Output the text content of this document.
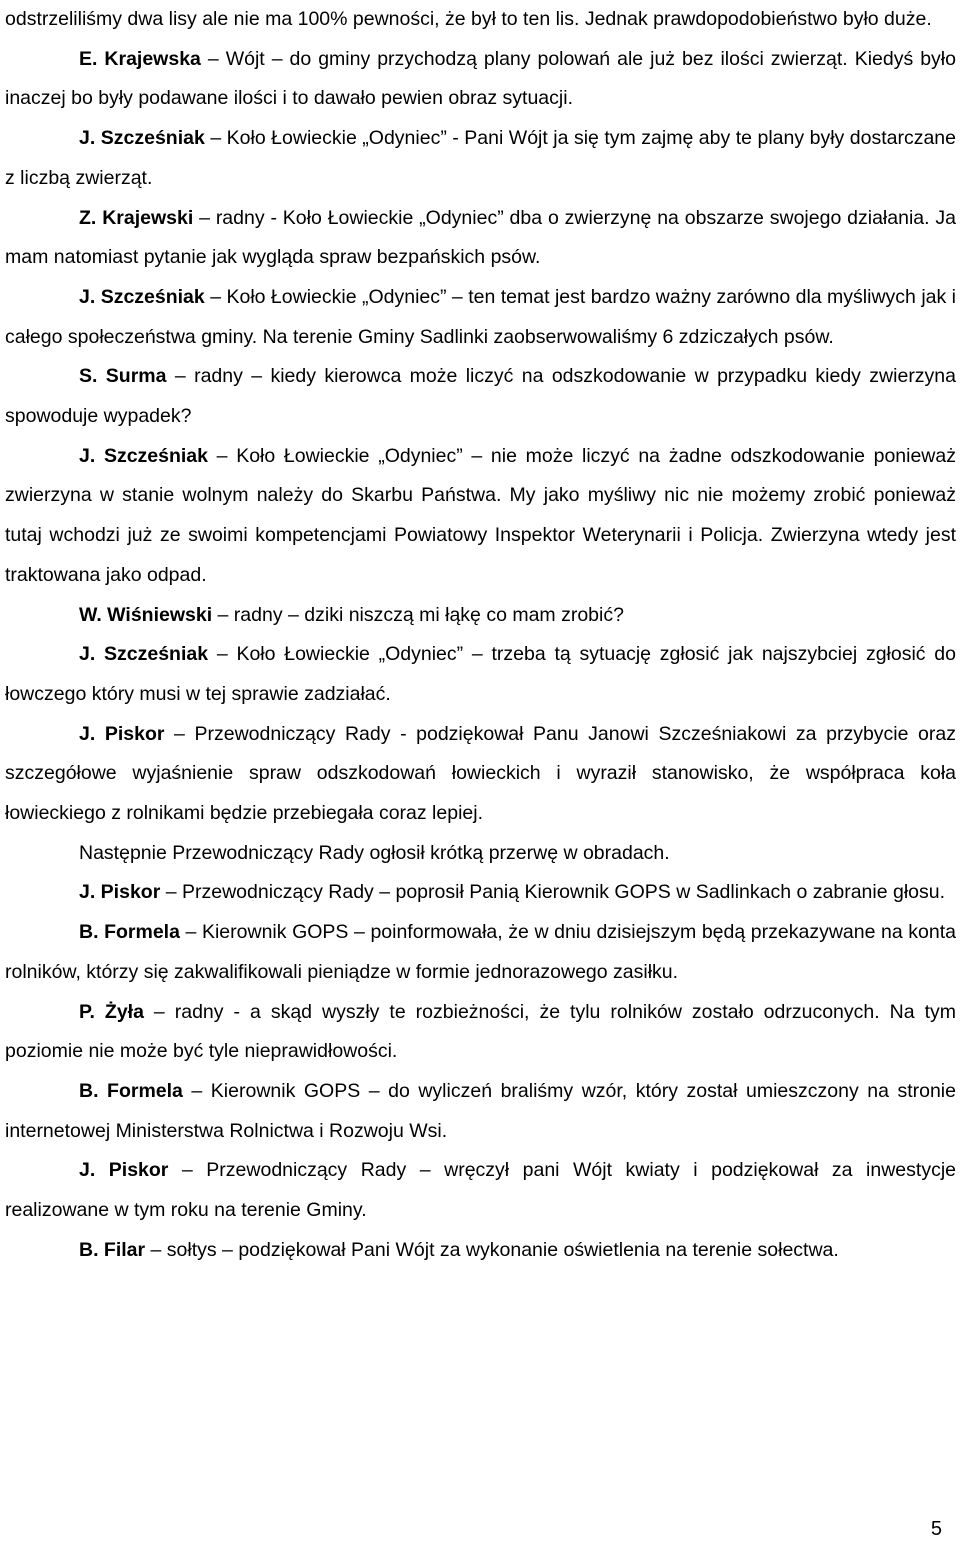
odstrzeliliśmy dwa lisy ale nie ma 100% pewności, że był to ten lis. Jednak prawdopodobieństwo było duże.

E. Krajewska – Wójt – do gminy przychodzą plany polowań ale już bez ilości zwierząt. Kiedyś było inaczej bo były podawane ilości i to dawało pewien obraz sytuacji.

J. Szcześniak – Koło Łowieckie „Odyniec” - Pani Wójt ja się tym zajmę aby te plany były dostarczane z liczbą zwierząt.

Z. Krajewski – radny - Koło Łowieckie „Odyniec” dba o zwierzynę na obszarze swojego działania. Ja mam natomiast pytanie jak wygląda spraw bezpańskich psów.

J. Szcześniak – Koło Łowieckie „Odyniec” – ten temat jest bardzo ważny zarówno dla myśliwych jak i całego społeczeństwa gminy. Na terenie Gminy Sadlinki zaobserwowaliśmy 6 zdziczałych psów.

S. Surma – radny – kiedy kierowca może liczyć na odszkodowanie w przypadku kiedy zwierzyna spowoduje wypadek?

J. Szcześniak – Koło Łowieckie „Odyniec” – nie może liczyć na żadne odszkodowanie ponieważ zwierzyna w stanie wolnym należy do Skarbu Państwa. My jako myśliwy nic nie możemy zrobić ponieważ tutaj wchodzi już ze swoimi kompetencjami Powiatowy Inspektor Weterynarii i Policja. Zwierzyna wtedy jest traktowana jako odpad.

W. Wiśniewski – radny – dziki niszczą mi łąkę co mam zrobić?

J. Szcześniak – Koło Łowieckie „Odyniec” – trzeba tą sytuację zgłosić jak najszybciej zgłosić do łowczego który musi w tej sprawie zadziałać.

J. Piskor – Przewodniczący Rady - podziękował Panu Janowi Szcześniakowi za przybycie oraz szczegółowe wyjaśnienie spraw odszkodowań łowieckich i wyraził stanowisko, że współpraca koła łowieckiego z rolnikami będzie przebiegała coraz lepiej.

Następnie Przewodniczący Rady ogłosił krótką przerwę w obradach.

J. Piskor – Przewodniczący Rady – poprosił Panią Kierownik GOPS w Sadlinkach o zabranie głosu.

B. Formela – Kierownik GOPS – poinformowała, że w dniu dzisiejszym będą przekazywane na konta rolników, którzy się zakwalifikowali pieniądze w formie jednorazowego zasiłku.

P. Żyła – radny - a skąd wyszły te rozbieżności, że tylu rolników zostało odrzuconych. Na tym poziomie nie może być tyle nieprawidłowości.

B. Formela – Kierownik GOPS – do wyliczeń braliśmy wzór, który został umieszczony na stronie internetowej Ministerstwa Rolnictwa i Rozwoju Wsi.

J. Piskor – Przewodniczący Rady – wręczył pani Wójt kwiaty i podziękował za inwestycje realizowane w tym roku na terenie Gminy.

B. Filar – sołtys – podziękował Pani Wójt za wykonanie oświetlenia na terenie sołectwa.

5
